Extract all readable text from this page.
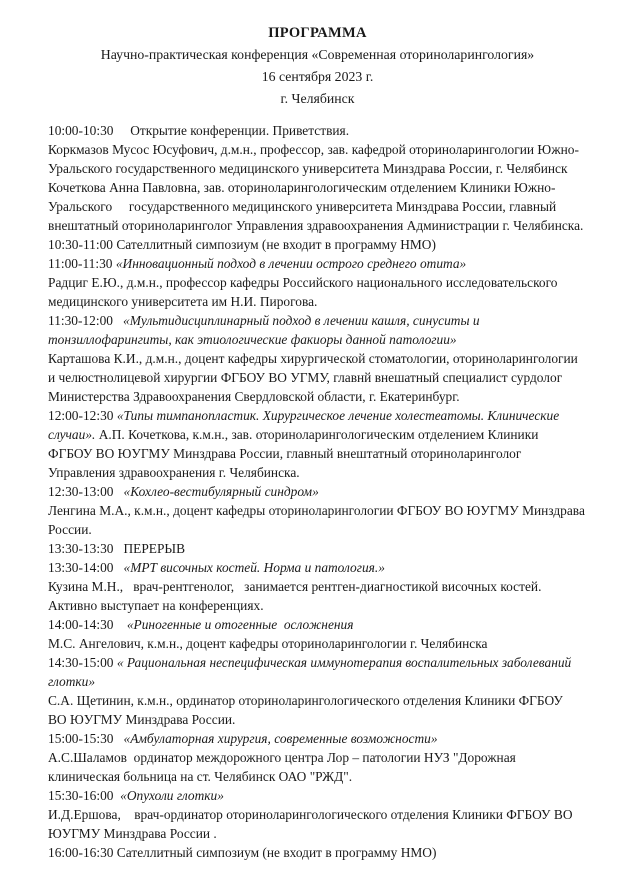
ПРОГРАММА
Научно-практическая конференция «Современная оториноларингология»
16 сентября 2023 г.
г. Челябинск
10:00-10:30     Открытие конференции. Приветствия.
Коркмазов Мусос Юсуфович, д.м.н., профессор, зав. кафедрой оториноларингологии Южно-
Уральского государственного медицинского университета Минздрава России, г. Челябинск
Кочеткова Анна Павловна, зав. оториноларингологическим отделением Клиники Южно-
Уральского     государственного медицинского университета Минздрава России, главный
внештатный оториноларинголог Управления здравоохранения Администрации г. Челябинска.
10:30-11:00 Сателлитный симпозиум (не входит в программу НМО)
11:00-11:30 «Инновационный подход в лечении острого среднего отита»
Радциг Е.Ю., д.м.н., профессор кафедры Российского национального исследовательского
медицинского университета им Н.И. Пирогова.
11:30-12:00   «Мультидисциплинарный подход в лечении кашля, синуситы и
тонзиллофарингиты, как этиологические факиоры данной патологии»
Карташова К.И., д.м.н., доцент кафедры хирургической стоматологии, оториноларингологии
и челюстнолицевой хирургии ФГБОУ ВО УГМУ, главнй внешатный специалист сурдолог
Министерства Здравоохранения Свердловской области, г. Екатеринбург.
12:00-12:30 «Типы тимпанопластик. Хирургическое лечение холестеатомы. Клинические
случаи». А.П. Кочеткова, к.м.н., зав. оториноларингологическим отделением Клиники
ФГБОУ ВО ЮУГМУ Минздрава России, главный внештатный оториноларинголог
Управления здравоохранения г. Челябинска.
12:30-13:00   «Кохлео-вестибулярный синдром»
Ленгина М.А., к.м.н., доцент кафедры оториноларингологии ФГБОУ ВО ЮУГМУ Минздрава
России.
13:30-13:30   ПЕРЕРЫВ
13:30-14:00   «МРТ височных костей. Норма и патология.»
Кузина М.Н.,   врач-рентгенолог,   занимается рентген-диагностикой височных костей.
Активно выступает на конференциях.
14:00-14:30    «Риногенные и отогенные  осложнения
М.С. Ангелович, к.м.н., доцент кафедры оториноларингологии г. Челябинска
14:30-15:00 « Рациональная неспецифическая иммунотерапия воспалительных заболеваний
глотки»
С.А. Щетинин, к.м.н., ординатор оториноларингологического отделения Клиники ФГБОУ
ВО ЮУГМУ Минздрава России.
15:00-15:30   «Амбулаторная хирургия, современные возможности»
А.С.Шаламов  ординатор междорожного центра Лор – патологии НУЗ "Дорожная
клиническая больница на ст. Челябинск ОАО "РЖД".
15:30-16:00  «Опухоли глотки»
И.Д.Ершова,    врач-ординатор оториноларингологического отделения Клиники ФГБОУ ВО
ЮУГМУ Минздрава России .
16:00-16:30 Сателлитный симпозиум (не входит в программу НМО)
